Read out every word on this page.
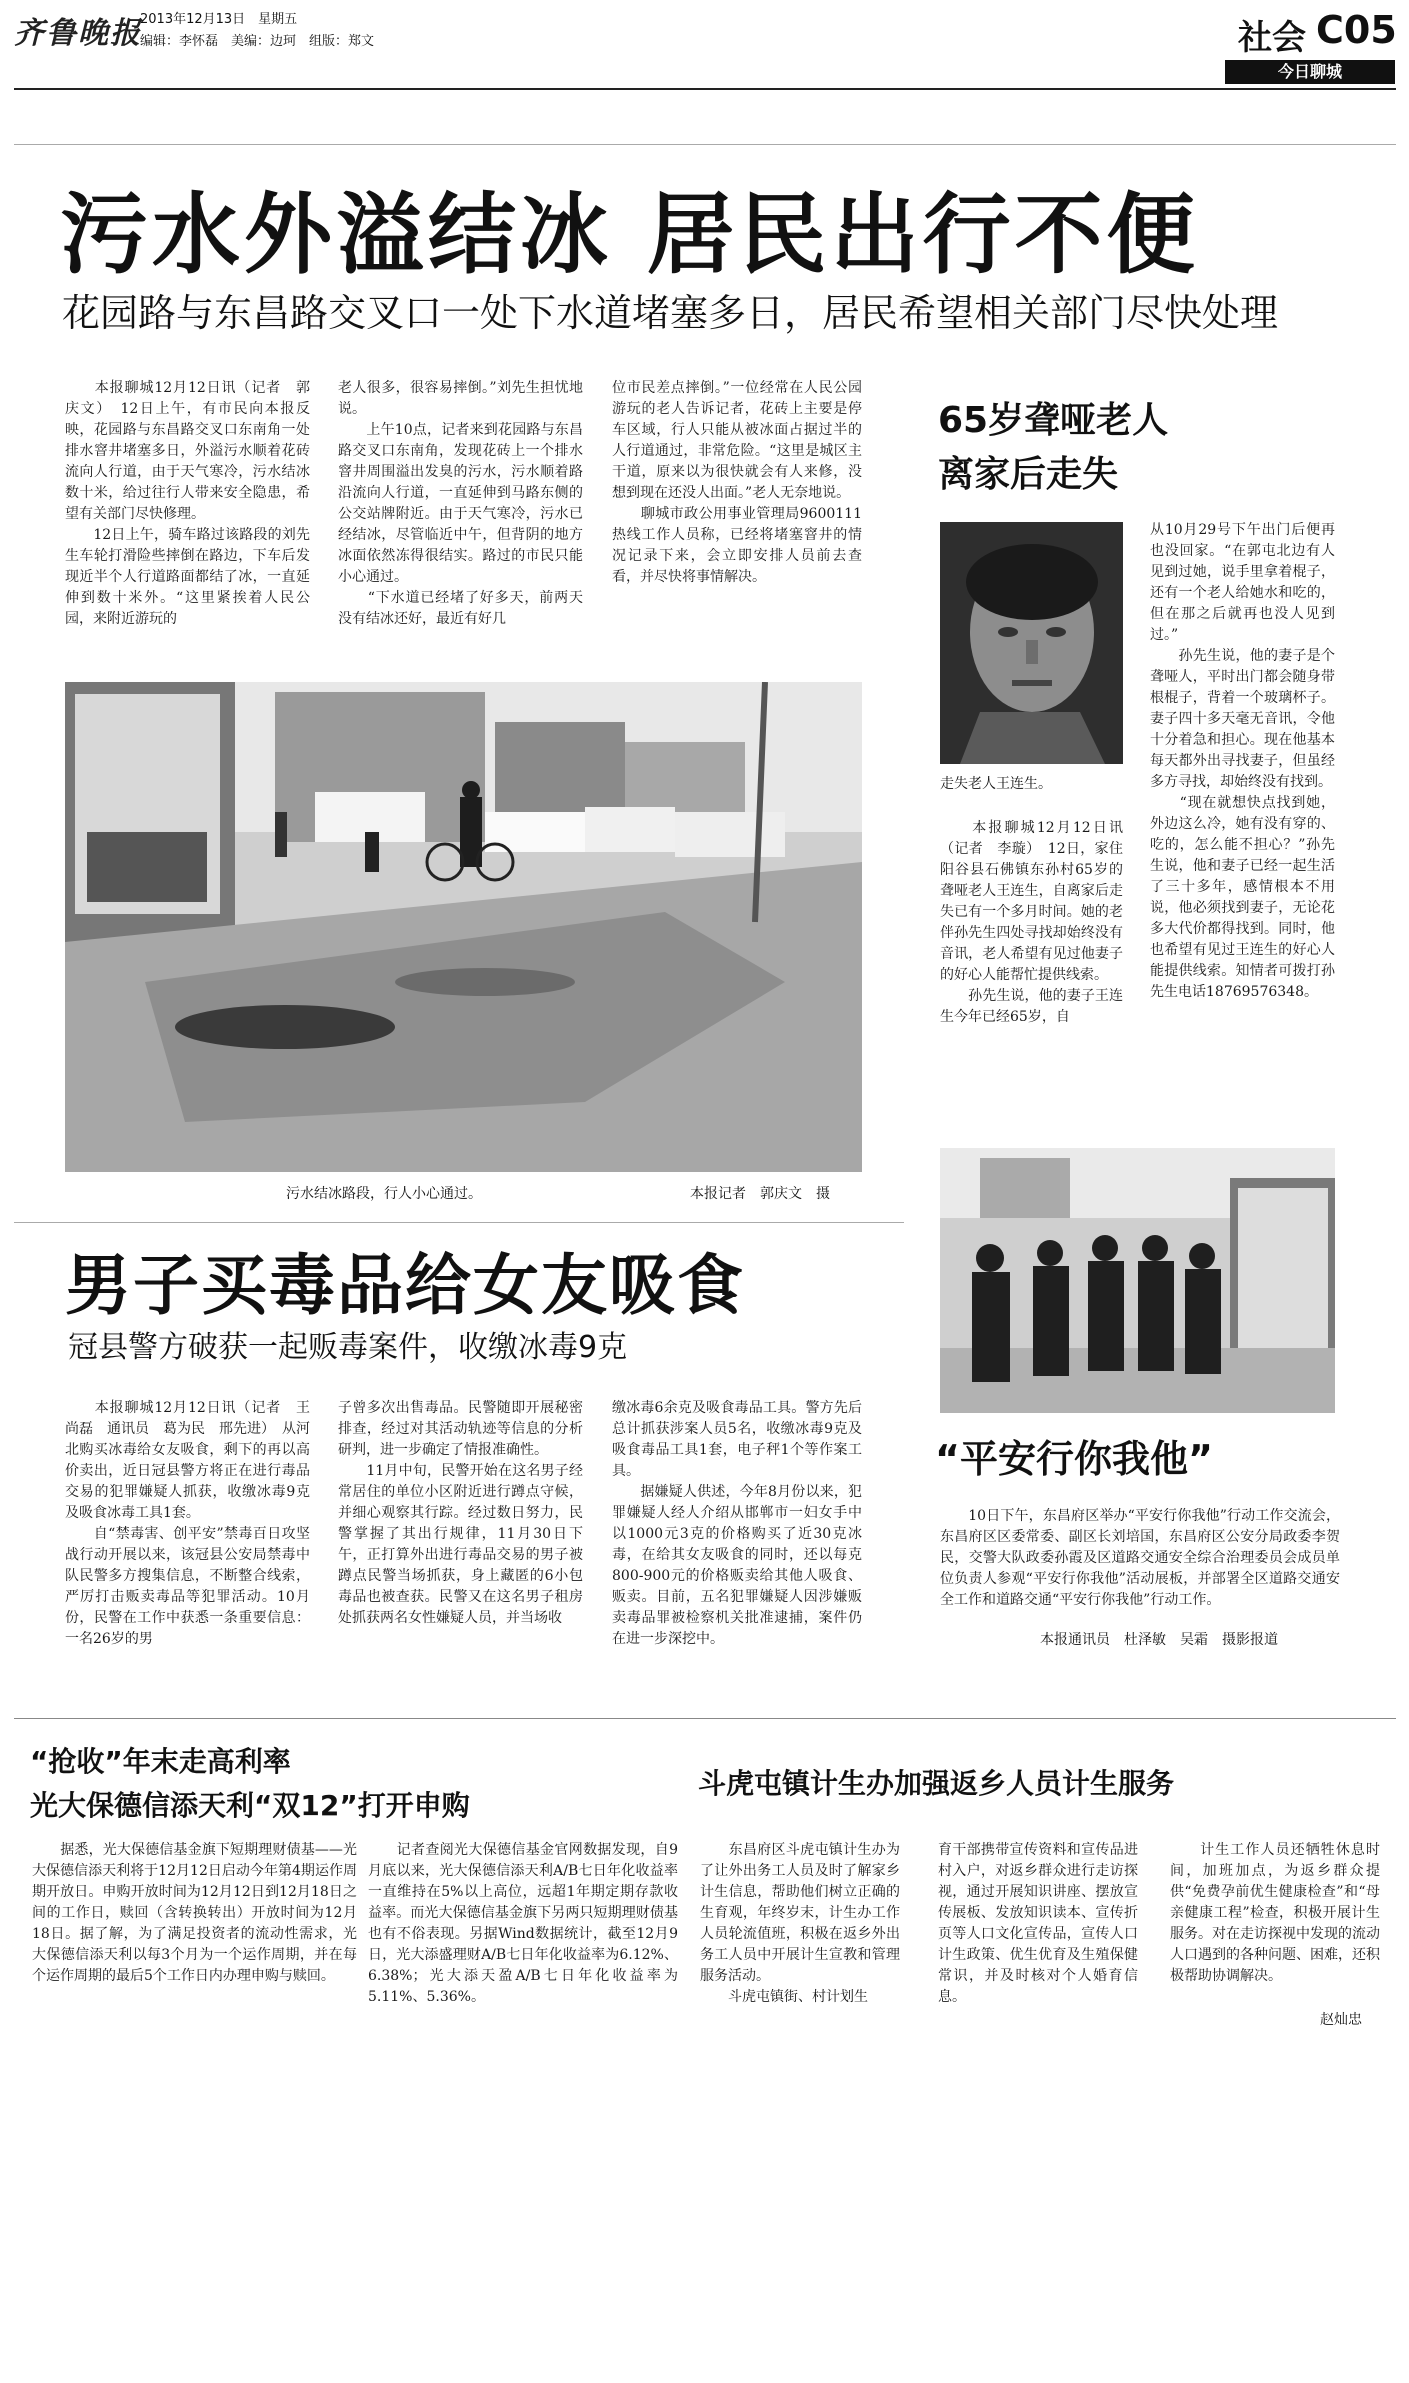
齐鲁晚报
2013年12月13日　星期五
编辑：李怀磊　美编：边珂　组版：郑文	社会 C05
今日聊城
污水外溢结冰 居民出行不便
花园路与东昌路交叉口一处下水道堵塞多日，居民希望相关部门尽快处理
　　本报聊城12月12日讯（记者　郭庆文）　12日上午，有市民向本报反映，花园路与东昌路交叉口东南角一处排水窨井堵塞多日，外溢污水顺着花砖流向人行道，由于天气寒冷，污水结冰数十米，给过往行人带来安全隐患，希望有关部门尽快修理。
　　12日上午，骑车路过该路段的刘先生车轮打滑险些摔倒在路边，下车后发现近半个人行道路面都结了冰，一直延伸到数十米外。“这里紧挨着人民公园，来附近游玩的
老人很多，很容易摔倒。”刘先生担忧地说。
　　上午10点，记者来到花园路与东昌路交叉口东南角，发现花砖上一个排水窨井周围溢出发臭的污水，污水顺着路沿流向人行道，一直延伸到马路东侧的公交站牌附近。由于天气寒冷，污水已经结冰，尽管临近中午，但背阴的地方冰面依然冻得很结实。路过的市民只能小心通过。
　　“下水道已经堵了好多天，前两天没有结冰还好，最近有好几
位市民差点摔倒。”一位经常在人民公园游玩的老人告诉记者，花砖上主要是停车区域，行人只能从被冰面占据过半的人行道通过，非常危险。“这里是城区主干道，原来以为很快就会有人来修，没想到现在还没人出面。”老人无奈地说。
　　聊城市政公用事业管理局9600111热线工作人员称，已经将堵塞窨井的情况记录下来，会立即安排人员前去查看，并尽快将事情解决。
污水结冰路段，行人小心通过。	本报记者　郭庆文　摄
65岁聋哑老人
离家后走失
走失老人王连生。
　　本报聊城12月12日讯（记者　李璇）　12日，家住阳谷县石佛镇东孙村65岁的聋哑老人王连生，自离家后走失已有一个多月时间。她的老伴孙先生四处寻找却始终没有音讯，老人希望有见过他妻子的好心人能帮忙提供线索。
　　孙先生说，他的妻子王连生今年已经65岁，自
从10月29号下午出门后便再也没回家。“在郭屯北边有人见到过她，说手里拿着棍子，还有一个老人给她水和吃的，但在那之后就再也没人见到过。”
　　孙先生说，他的妻子是个聋哑人，平时出门都会随身带根棍子，背着一个玻璃杯子。妻子四十多天毫无音讯，令他十分着急和担心。现在他基本每天都外出寻找妻子，但虽经多方寻找，却始终没有找到。
　　“现在就想快点找到她，外边这么冷，她有没有穿的、吃的，怎么能不担心？”孙先生说，他和妻子已经一起生活了三十多年，感情根本不用说，他必须找到妻子，无论花多大代价都得找到。同时，他也希望有见过王连生的好心人能提供线索。知情者可拨打孙先生电话18769576348。
男子买毒品给女友吸食
冠县警方破获一起贩毒案件，收缴冰毒9克
　　本报聊城12月12日讯（记者　王尚磊　通讯员　葛为民　邢先进）　从河北购买冰毒给女友吸食，剩下的再以高价卖出，近日冠县警方将正在进行毒品交易的犯罪嫌疑人抓获，收缴冰毒9克及吸食冰毒工具1套。
　　自“禁毒害、创平安”禁毒百日攻坚战行动开展以来，该冠县公安局禁毒中队民警多方搜集信息，不断整合线索，严厉打击贩卖毒品等犯罪活动。10月份，民警在工作中获悉一条重要信息：一名26岁的男
子曾多次出售毒品。民警随即开展秘密排查，经过对其活动轨迹等信息的分析研判，进一步确定了情报准确性。
　　11月中旬，民警开始在这名男子经常居住的单位小区附近进行蹲点守候，并细心观察其行踪。经过数日努力，民警掌握了其出行规律，11月30日下午，正打算外出进行毒品交易的男子被蹲点民警当场抓获，身上藏匿的6小包毒品也被查获。民警又在这名男子租房处抓获两名女性嫌疑人员，并当场收
缴冰毒6余克及吸食毒品工具。警方先后总计抓获涉案人员5名，收缴冰毒9克及吸食毒品工具1套，电子秤1个等作案工具。
　　据嫌疑人供述，今年8月份以来，犯罪嫌疑人经人介绍从邯郸市一妇女手中以1000元3克的价格购买了近30克冰毒，在给其女友吸食的同时，还以每克800-900元的价格贩卖给其他人吸食、贩卖。目前，五名犯罪嫌疑人因涉嫌贩卖毒品罪被检察机关批准逮捕，案件仍在进一步深挖中。
“平安行你我他”
　　10日下午，东昌府区举办“平安行你我他”行动工作交流会，东昌府区区委常委、副区长刘培国，东昌府区公安分局政委李贺民，交警大队政委孙霞及区道路交通安全综合治理委员会成员单位负责人参观“平安行你我他”活动展板，并部署全区道路交通安全工作和道路交通“平安行你我他”行动工作。
本报通讯员　杜泽敏　吴霜　摄影报道
“抢收”年末走高利率
光大保德信添天利“双12”打开申购
　　据悉，光大保德信基金旗下短期理财债基——光大保德信添天利将于12月12日启动今年第4期运作周期开放日。申购开放时间为12月12日到12月18日之间的工作日，赎回（含转换转出）开放时间为12月18日。据了解，为了满足投资者的流动性需求，光大保德信添天利以每3个月为一个运作周期，并在每个运作周期的最后5个工作日内办理申购与赎回。
　　记者查阅光大保德信基金官网数据发现，自9月底以来，光大保德信添天利A/B七日年化收益率一直维持在5%以上高位，远超1年期定期存款收益率。而光大保德信基金旗下另两只短期理财债基也有不俗表现。另据Wind数据统计，截至12月9日，光大添盛理财A/B七日年化收益率为6.12%、6.38%；光大添天盈A/B七日年化收益率为5.11%、5.36%。
斗虎屯镇计生办加强返乡人员计生服务
　　东昌府区斗虎屯镇计生办为了让外出务工人员及时了解家乡计生信息，帮助他们树立正确的生育观，年终岁末，计生办工作人员轮流值班，积极在返乡外出务工人员中开展计生宣教和管理服务活动。
　　斗虎屯镇街、村计划生
育干部携带宣传资料和宣传品进村入户，对返乡群众进行走访探视，通过开展知识讲座、摆放宣传展板、发放知识读本、宣传折页等人口文化宣传品，宣传人口计生政策、优生优育及生殖保健常识，并及时核对个人婚育信息。
　　计生工作人员还牺牲休息时间，加班加点，为返乡群众提供“免费孕前优生健康检查”和“母亲健康工程”检查，积极开展计生服务。对在走访探视中发现的流动人口遇到的各种问题、困难，还积极帮助协调解决。
赵灿忠
